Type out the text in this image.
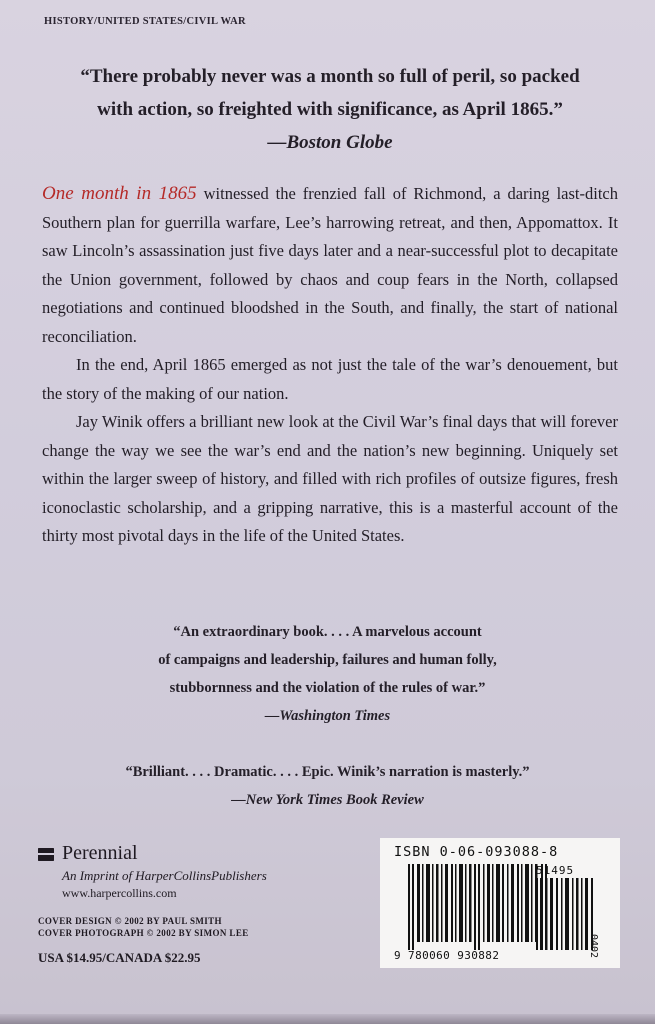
HISTORY/UNITED STATES/CIVIL WAR
“There probably never was a month so full of peril, so packed
with action, so freighted with significance, as April 1865.”
—Boston Globe

One month in 1865 witnessed the frenzied fall of Richmond, a daring last-ditch Southern plan for guerrilla warfare, Lee’s harrowing retreat, and then, Appomattox. It saw Lincoln’s assassination just five days later and a near-successful plot to decapitate the Union government, followed by chaos and coup fears in the North, collapsed negotiations and continued bloodshed in the South, and finally, the start of national reconciliation.

In the end, April 1865 emerged as not just the tale of the war’s denouement, but the story of the making of our nation.

Jay Winik offers a brilliant new look at the Civil War’s final days that will forever change the way we see the war’s end and the nation’s new beginning. Uniquely set within the larger sweep of history, and filled with rich profiles of outsize figures, fresh iconoclastic scholarship, and a gripping narrative, this is a masterful account of the thirty most pivotal days in the life of the United States.

“An extraordinary book. . . . A marvelous account
of campaigns and leadership, failures and human folly,
stubbornness and the violation of the rules of war.”
—Washington Times
“Brilliant. . . . Dramatic. . . . Epic. Winik’s narration is masterly.”
—New York Times Book Review
Perennial
An Imprint of HarperCollinsPublishers
www.harpercollins.com
COVER DESIGN © 2002 BY PAUL SMITH
COVER PHOTOGRAPH © 2002 BY SIMON LEE
USA $14.95/CANADA $22.95
ISBN 0-06-093088-8
51495
9 780060 930882	0402
